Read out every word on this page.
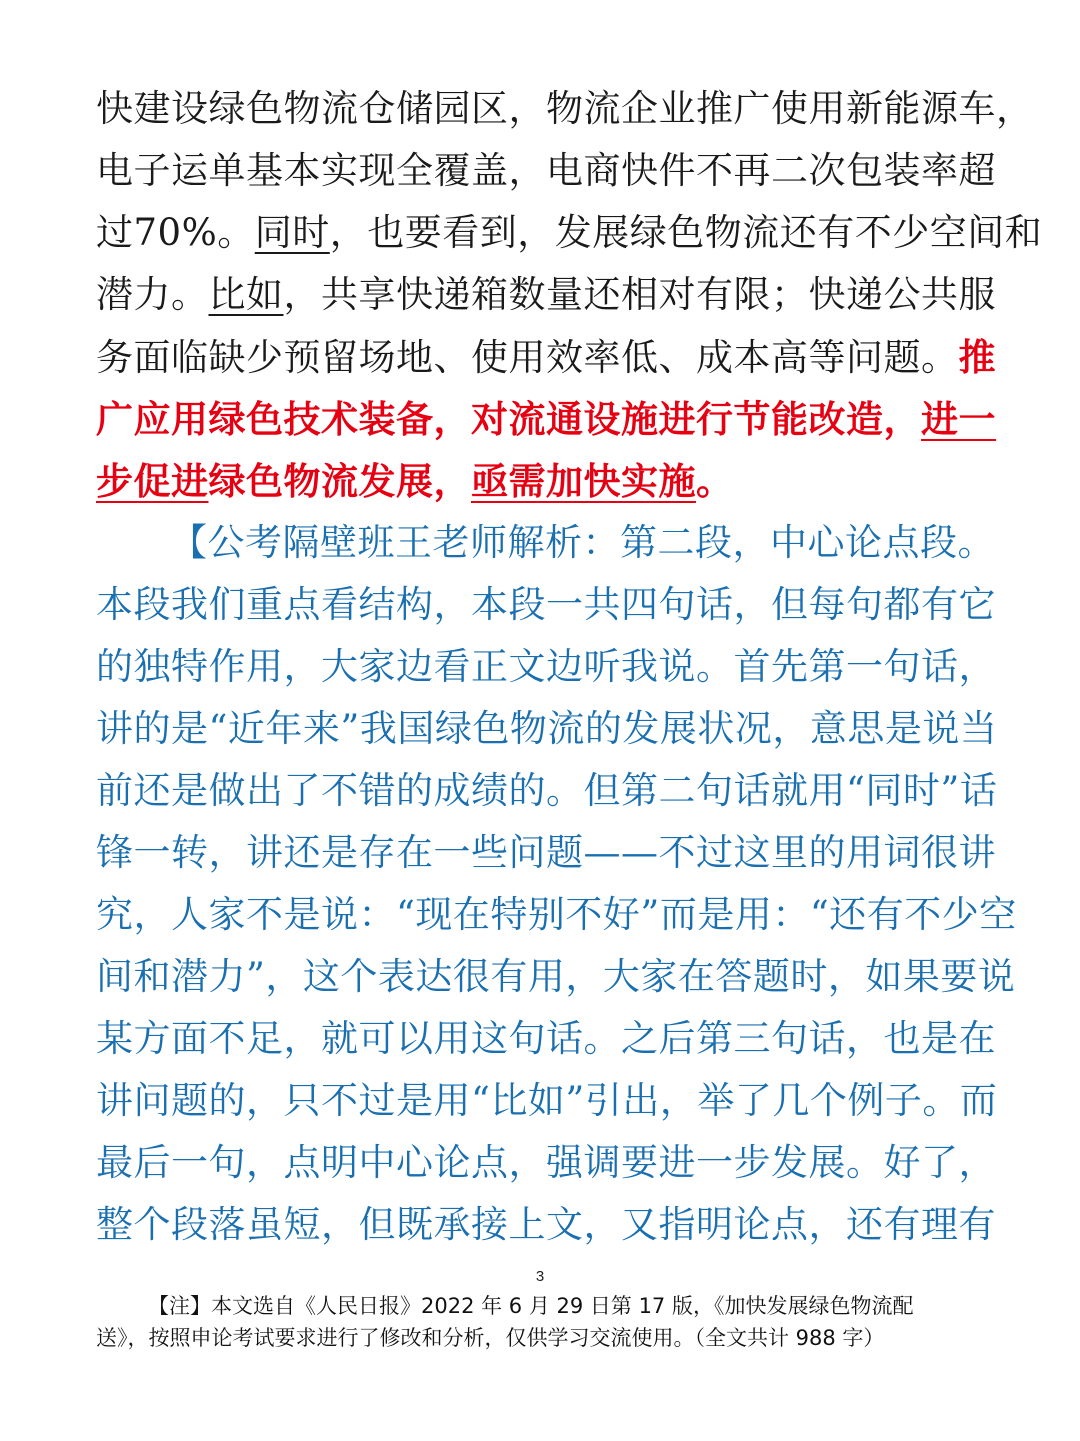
快建设绿色物流仓储园区，物流企业推广使用新能源车，
电子运单基本实现全覆盖，电商快件不再二次包装率超
过70%。同时，也要看到，发展绿色物流还有不少空间和
潜力。比如，共享快递箱数量还相对有限；快递公共服
务面临缺少预留场地、使用效率低、成本高等问题。推
广应用绿色技术装备，对流通设施进行节能改造，进一
步促进绿色物流发展，亟需加快实施。
【公考隔壁班王老师解析：第二段，中心论点段。
本段我们重点看结构，本段一共四句话，但每句都有它
的独特作用，大家边看正文边听我说。首先第一句话，
讲的是“近年来”我国绿色物流的发展状况，意思是说当
前还是做出了不错的成绩的。但第二句话就用“同时”话
锋一转，讲还是存在一些问题——不过这里的用词很讲
究，人家不是说：“现在特别不好”而是用：“还有不少空
间和潜力”，这个表达很有用，大家在答题时，如果要说
某方面不足，就可以用这句话。之后第三句话，也是在
讲问题的，只不过是用“比如”引出，举了几个例子。而
最后一句，点明中心论点，强调要进一步发展。好了，
整个段落虽短，但既承接上文，又指明论点，还有理有
3
【注】本文选自《人民日报》2022 年 6 月 29 日第 17 版，《加快发展绿色物流配
送》，按照申论考试要求进行了修改和分析，仅供学习交流使用。（全文共计 988 字）
